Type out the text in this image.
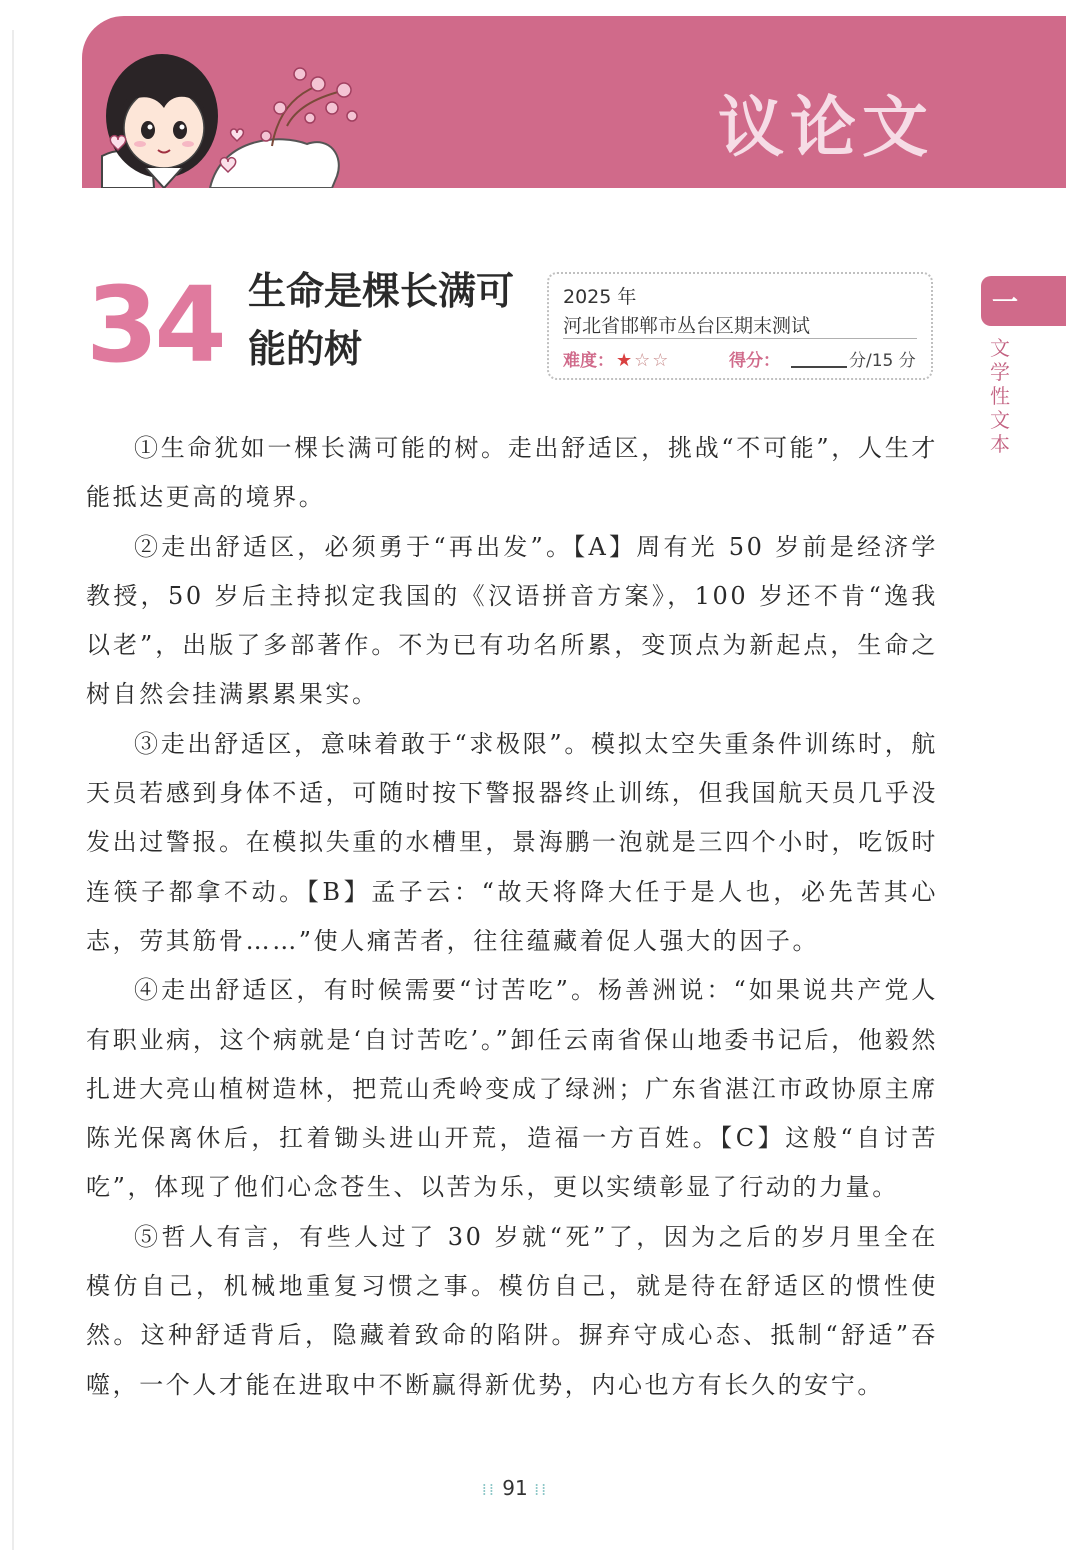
议论文
34 生命是棵长满可能的树
2025 年
河北省邯郸市丛台区期末测试
难度： ★ ☆ ☆	得分：	分/15 分
一
文学性文本

①生命犹如一棵长满可能的树。走出舒适区，挑战“不可能”，人生才能抵达更高的境界。

②走出舒适区，必须勇于“再出发”。【A】周有光 50 岁前是经济学教授，50 岁后主持拟定我国的《汉语拼音方案》，100 岁还不肯“逸我以老”，出版了多部著作。不为已有功名所累，变顶点为新起点，生命之树自然会挂满累累果实。

③走出舒适区，意味着敢于“求极限”。模拟太空失重条件训练时，航天员若感到身体不适，可随时按下警报器终止训练，但我国航天员几乎没发出过警报。在模拟失重的水槽里，景海鹏一泡就是三四个小时，吃饭时连筷子都拿不动。【B】孟子云：“故天将降大任于是人也，必先苦其心志，劳其筋骨……”使人痛苦者，往往蕴藏着促人强大的因子。

④走出舒适区，有时候需要“讨苦吃”。杨善洲说：“如果说共产党人有职业病，这个病就是‘自讨苦吃’。”卸任云南省保山地委书记后，他毅然扎进大亮山植树造林，把荒山秃岭变成了绿洲；广东省湛江市政协原主席陈光保离休后，扛着锄头进山开荒，造福一方百姓。【C】这般“自讨苦吃”，体现了他们心念苍生、以苦为乐，更以实绩彰显了行动的力量。

⑤哲人有言，有些人过了 30 岁就“死”了，因为之后的岁月里全在模仿自己，机械地重复习惯之事。模仿自己，就是待在舒适区的惯性使然。这种舒适背后，隐藏着致命的陷阱。摒弃守成心态、抵制“舒适”吞噬，一个人才能在进取中不断赢得新优势，内心也方有长久的安宁。

⁞⁞ 91 ⁞⁞
